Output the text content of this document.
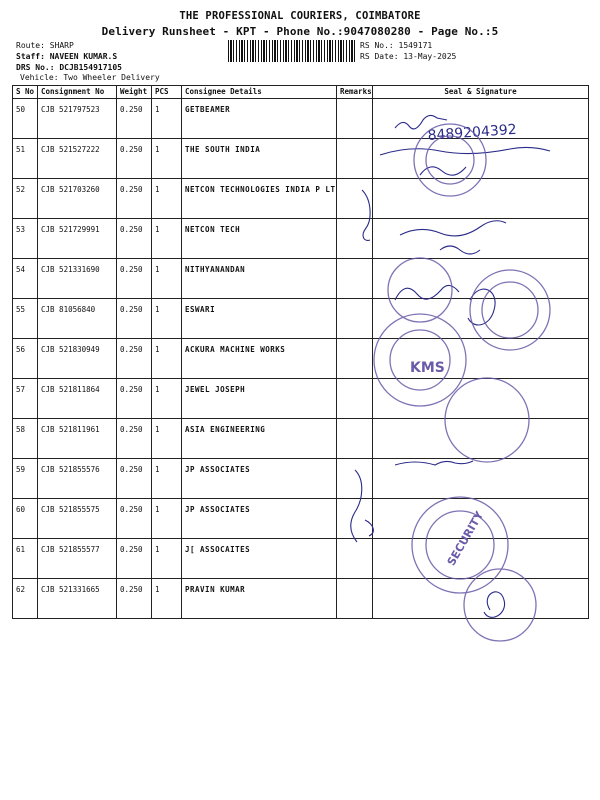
THE PROFESSIONAL COURIERS, COIMBATORE
Delivery Runsheet - KPT - Phone No.:9047080280 - Page No.:5
Route: SHARP
Staff: NAVEEN KUMAR.S
DRS No.: DCJB154917105
Vehicle: Two Wheeler Delivery
RS No.: 1549171
RS Date: 13-May-2025
S No	Consignment No	Weight	PCS	Consignee Details	Remarks	Seal & Signature
50	CJB 521797523	0.250	1	GETBEAMER		
51	CJB 521527222	0.250	1	THE SOUTH INDIA		
52	CJB 521703260	0.250	1	NETCON TECHNOLOGIES INDIA P LT		
53	CJB 521729991	0.250	1	NETCON TECH		
54	CJB 521331690	0.250	1	NITHYANANDAN		
55	CJB 81056840	0.250	1	ESWARI		
56	CJB 521830949	0.250	1	ACKURA MACHINE WORKS		
57	CJB 521811864	0.250	1	JEWEL JOSEPH		
58	CJB 521811961	0.250	1	ASIA ENGINEERING		
59	CJB 521855576	0.250	1	JP ASSOCIATES		
60	CJB 521855575	0.250	1	JP ASSOCIATES		
61	CJB 521855577	0.250	1	J[ ASSOCAITES		
62	CJB 521331665	0.250	1	PRAVIN KUMAR		
8489204392
KMS
SECURITY
